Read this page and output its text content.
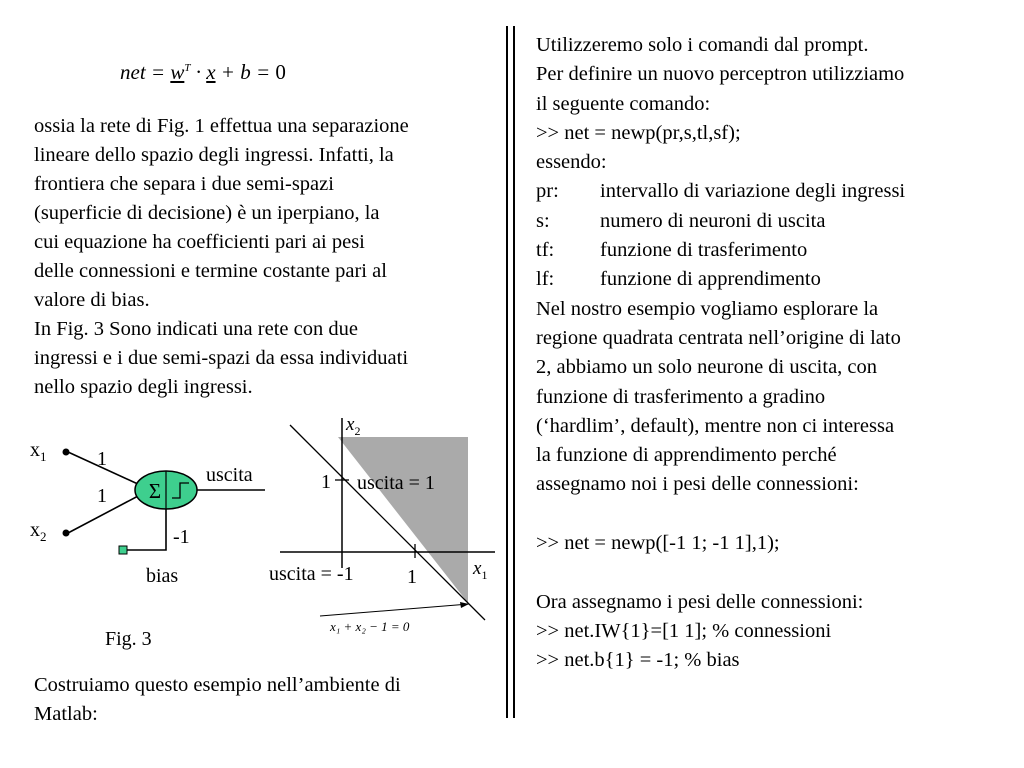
net = $w^T \cdot x + b = 0$

ossia la rete di Fig. 1 effettua una separazione

lineare dello spazio degli ingressi. Infatti, la

frontiera che separa i due semi-spazi

(superficie di decisione) è un iperpiano, la

cui equazione ha coefficienti pari ai pesi

delle connessioni e termine costante pari al

valore di bias.

In Fig. 3 Sono indicati una rete con due

ingressi e i due semi-spazi da essa individuati

nello spazio degli ingressi.

Σ
uscita
-1
bias
$x_1$
$x_2$
1
1
Fig. 3
$x_2$
$x_1$
1
1
uscita = 1
uscita = -1
x₁ + x₂ − 1 = 0
Costruiamo questo esempio nell’ambiente di
Matlab:
Utilizzeremo solo i comandi dal prompt.
Per definire un nuovo perceptron utilizziamo
il seguente comando:
>> net = newp(pr,s,tl,sf);
essendo:
pr: intervallo di variazione degli ingressi
s: numero di neuroni di uscita
tf: funzione di trasferimento
lf: funzione di apprendimento
Nel nostro esempio vogliamo esplorare la
regione quadrata centrata nell’origine di lato
2, abbiamo un solo neurone di uscita, con
funzione di trasferimento a gradino
(‘hardlim’, default), mentre non ci interessa
la funzione di apprendimento perché
assegnamo noi i pesi delle connessioni:
>> net = newp([-1 1; -1 1],1);
Ora assegnamo i pesi delle connessioni:
>> net.IW{1}=[1 1]; % connessioni
>> net.b{1} = -1; % bias
